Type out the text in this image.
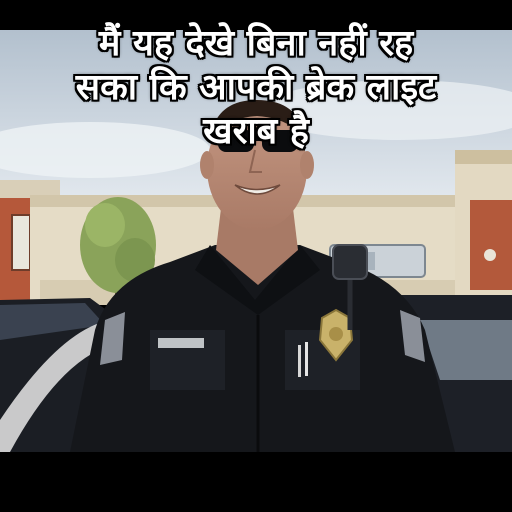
मैं यह देखे बिना नहीं रह
सका कि आपकी ब्रेक लाइट
खराब है
